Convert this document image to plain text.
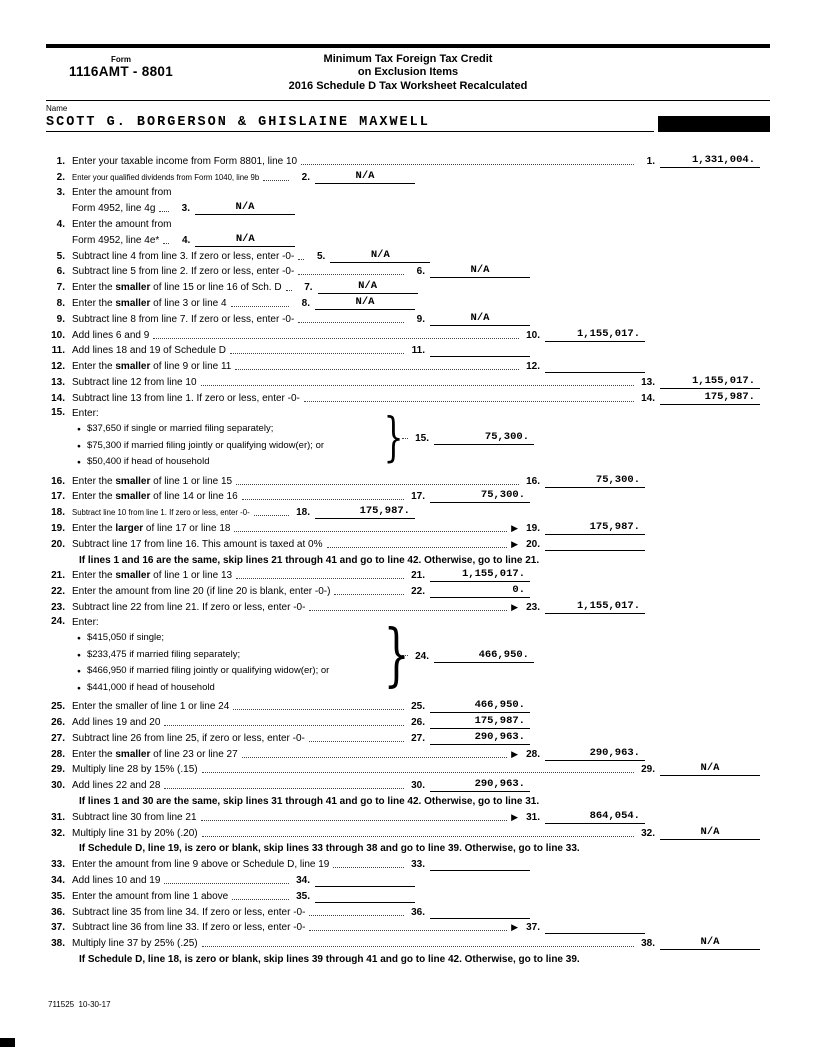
Form
1116AMT - 8801
Minimum Tax Foreign Tax Credit
on Exclusion Items
2016 Schedule D Tax Worksheet Recalculated
Name
SCOTT G. BORGERSON & GHISLAINE MAXWELL
1. Enter your taxable income from Form 8801, line 10	1.	1,331,004.
2. Enter your qualified dividends from Form 1040, line 9b	2.	N/A
3. Enter the amount from
Form 4952, line 4g	3.	N/A
4. Enter the amount from
Form 4952, line 4e*	4.	N/A
5. Subtract line 4 from line 3. If zero or less, enter -0-	5.	N/A
6. Subtract line 5 from line 2. If zero or less, enter -0-	6.	N/A
7. Enter the smaller of line 15 or line 16 of Sch. D	7.	N/A
8. Enter the smaller of line 3 or line 4	8.	N/A
9. Subtract line 8 from line 7. If zero or less, enter -0-	9.	N/A
10. Add lines 6 and 9	10.	1,155,017.
11. Add lines 18 and 19 of Schedule D	11.
12. Enter the smaller of line 9 or line 11	12.
13. Subtract line 12 from line 10	13.	1,155,017.
14. Subtract line 13 from line 1. If zero or less, enter -0-	14.	175,987.
15. Enter:
● $37,650 if single or married filing separately;
● $75,300 if married filing jointly or qualifying widow(er); or
● $50,400 if head of household	}	15.	75,300.
16. Enter the smaller of line 1 or line 15	16.	75,300.
17. Enter the smaller of line 14 or line 16	17.	75,300.
18. Subtract line 10 from line 1. If zero or less, enter -0-	18.	175,987.
19. Enter the larger of line 17 or line 18	▶ 19.	175,987.
20. Subtract line 17 from line 16. This amount is taxed at 0%	▶ 20.
If lines 1 and 16 are the same, skip lines 21 through 41 and go to line 42. Otherwise, go to line 21.
21. Enter the smaller of line 1 or line 13	21.	1,155,017.
22. Enter the amount from line 20 (if line 20 is blank, enter -0-)	22.	0.
23. Subtract line 22 from line 21. If zero or less, enter -0-	▶ 23.	1,155,017.
24. Enter:
● $415,050 if single;
● $233,475 if married filing separately;
● $466,950 if married filing jointly or qualifying widow(er); or
● $441,000 if head of household } 24.	466,950.
25. Enter the smaller of line 1 or line 24	25.	466,950.
26. Add lines 19 and 20	26.	175,987.
27. Subtract line 26 from line 25, if zero or less, enter -0-	27.	290,963.
28. Enter the smaller of line 23 or line 27	▶ 28.	290,963.
29. Multiply line 28 by 15% (.15)	29.	N/A
30. Add lines 22 and 28	30.	290,963.
If lines 1 and 30 are the same, skip lines 31 through 41 and go to line 42. Otherwise, go to line 31.
31. Subtract line 30 from line 21	▶ 31.	864,054.
32. Multiply line 31 by 20% (.20)	32.	N/A
If Schedule D, line 19, is zero or blank, skip lines 33 through 38 and go to line 39. Otherwise, go to line 33.
33. Enter the amount from line 9 above or Schedule D, line 19	33.
34. Add lines 10 and 19	34.
35. Enter the amount from line 1 above	35.
36. Subtract line 35 from line 34. If zero or less, enter -0-	36.
37. Subtract line 36 from line 33. If zero or less, enter -0-	▶ 37.
38. Multiply line 37 by 25% (.25)	38.	N/A
If Schedule D, line 18, is zero or blank, skip lines 39 through 41 and go to line 42. Otherwise, go to line 39.
711525  10-30-17
